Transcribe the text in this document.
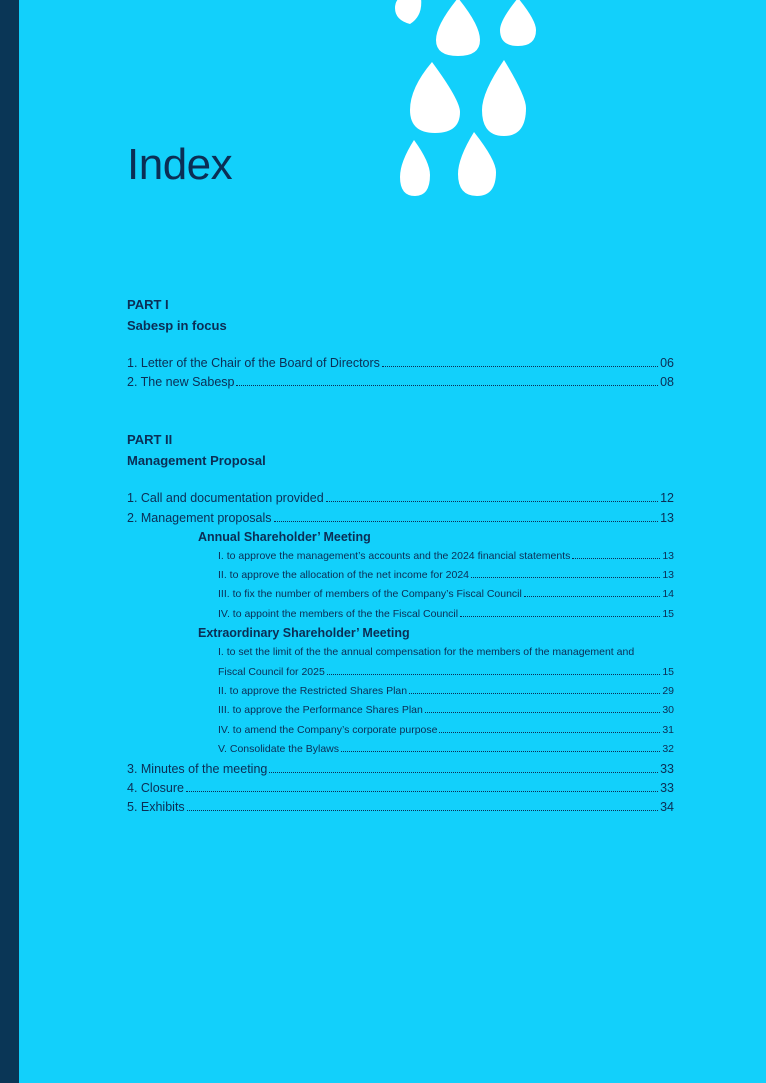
Index
PART I
Sabesp in focus
1. Letter of the Chair of the Board of Directors	06
2. The new Sabesp	08
PART II
Management Proposal
1. Call and documentation provided	12
2. Management proposals	13
Annual Shareholder’ Meeting
I. to approve the management’s accounts and the 2024 financial statements	13
II. to approve the allocation of the net income for 2024	13
III. to fix the number of members of the Company’s Fiscal Council	14
IV. to appoint the members of the the Fiscal Council	15
Extraordinary Shareholder’ Meeting
I. to set the limit of the the annual compensation for the members of the management and
Fiscal Council for 2025	15
II. to approve the Restricted Shares Plan	29
III. to approve the Performance Shares Plan	30
IV. to amend the Company’s corporate purpose	31
V. Consolidate the Bylaws	32
3. Minutes of the meeting	33
4. Closure	33
5. Exhibits	34
